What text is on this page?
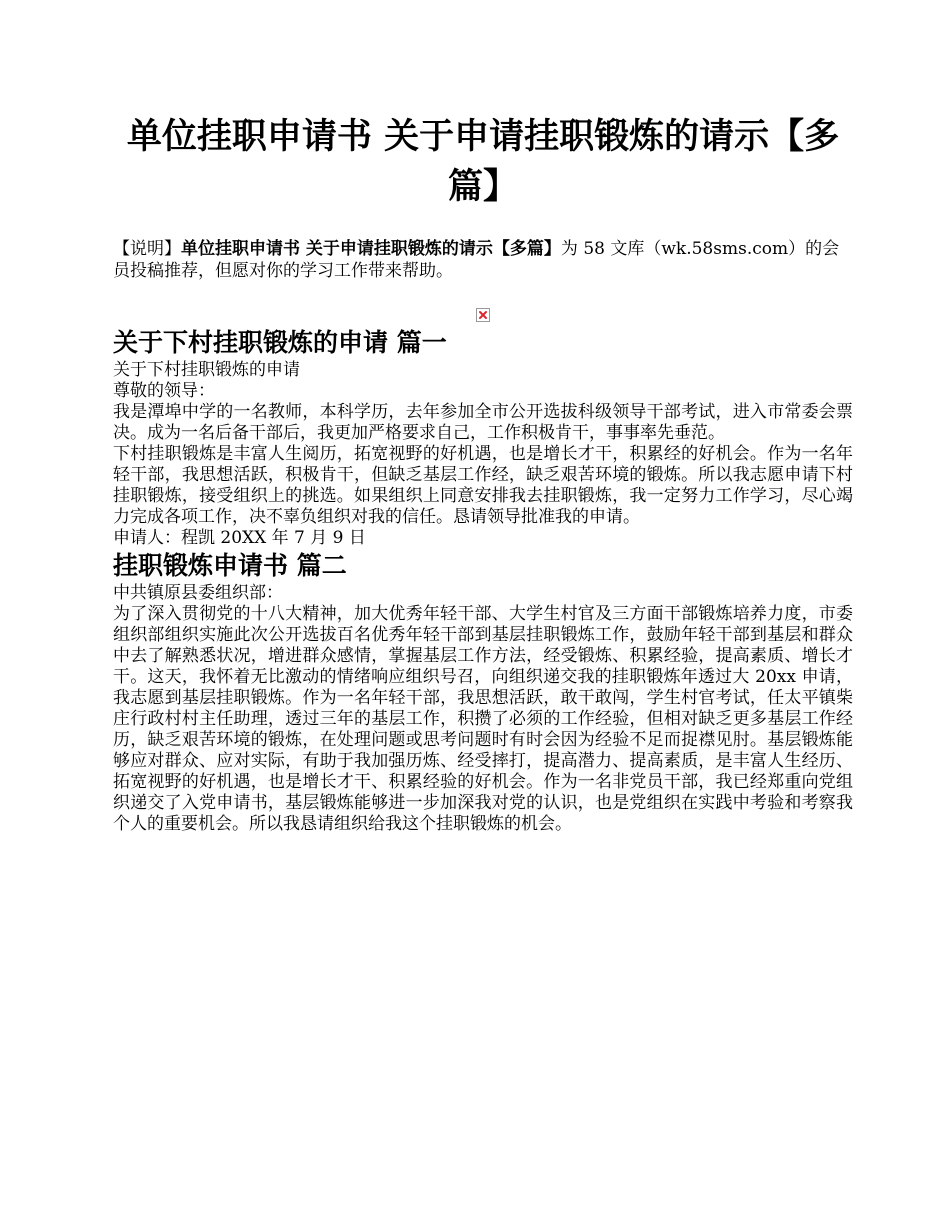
单位挂职申请书 关于申请挂职锻炼的请示【多篇】

【说明】单位挂职申请书 关于申请挂职锻炼的请示【多篇】为 58 文库（wk.58sms.com）的会员投稿推荐，但愿对你的学习工作带来帮助。

关于下村挂职锻炼的申请 篇一

关于下村挂职锻炼的申请

尊敬的领导：

我是潭埠中学的一名教师，本科学历，去年参加全市公开选拔科级领导干部考试，进入市常委会票决。成为一名后备干部后，我更加严格要求自己，工作积极肯干，事事率先垂范。

下村挂职锻炼是丰富人生阅历，拓宽视野的好机遇，也是增长才干，积累经的好机会。作为一名年轻干部，我思想活跃，积极肯干，但缺乏基层工作经，缺乏艰苦环境的锻炼。所以我志愿申请下村挂职锻炼，接受组织上的挑选。如果组织上同意安排我去挂职锻炼，我一定努力工作学习，尽心竭力完成各项工作，决不辜负组织对我的信任。恳请领导批准我的申请。

申请人：程凯 20XX 年 7 月 9 日

挂职锻炼申请书 篇二

中共镇原县委组织部：

为了深入贯彻党的十八大精神，加大优秀年轻干部、大学生村官及三方面干部锻炼培养力度，市委组织部组织实施此次公开选拔百名优秀年轻干部到基层挂职锻炼工作，鼓励年轻干部到基层和群众中去了解熟悉状况，增进群众感情，掌握基层工作方法，经受锻炼、积累经验，提高素质、增长才干。这天，我怀着无比激动的情绪响应组织号召，向组织递交我的挂职锻炼年透过大 20xx 申请，我志愿到基层挂职锻炼。作为一名年轻干部，我思想活跃，敢干敢闯，学生村官考试，任太平镇柴庄行政村村主任助理，透过三年的基层工作，积攒了必须的工作经验，但相对缺乏更多基层工作经历，缺乏艰苦环境的锻炼，在处理问题或思考问题时有时会因为经验不足而捉襟见肘。基层锻炼能够应对群众、应对实际，有助于我加强历炼、经受摔打，提高潜力、提高素质，是丰富人生经历、拓宽视野的好机遇，也是增长才干、积累经验的好机会。作为一名非党员干部，我已经郑重向党组织递交了入党申请书，基层锻炼能够进一步加深我对党的认识，也是党组织在实践中考验和考察我个人的重要机会。所以我恳请组织给我这个挂职锻炼的机会。
